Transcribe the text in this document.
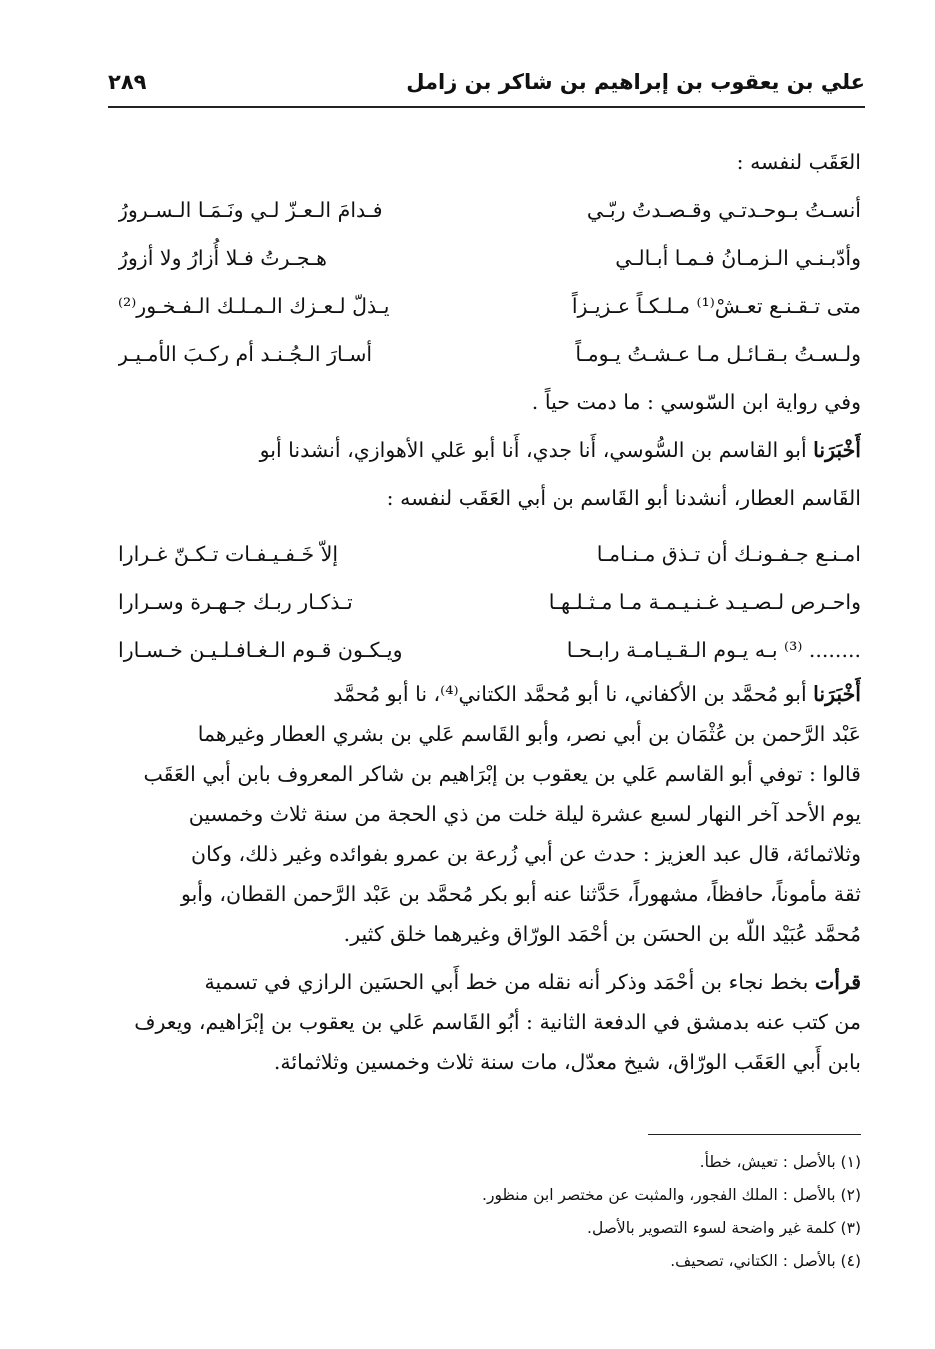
علي بن يعقوب بن إبراهيم بن شاكر بن زامل
٢٨٩
العَقَب لنفسه :
أنسـتُ بـوحـدتـي وقـصـدتُ ربّـي
فـدامَ الـعـزّ لـي ونَـمَـا الـسـرورُ
وأدّبـنـي الـزمـانُ فـمـا أبـالـي
هـجـرتُ فـلا أُزارُ ولا أزورُ
متى تـقـنـع تعـشْ⁽¹⁾ مـلـكـاً عـزيـزاً
يـذلّ لـعـزك الـمـلـك الـفـخـور⁽²⁾
ولـسـتُ بـقـائـل مـا عـشـتُ يـومـاً
أسـارَ الـجُـنـد أم ركـبَ الأمـيـر
وفي رواية ابن السّوسي : ما دمت حياً .
أَخْبَرَنا أبو القاسم بن السُّوسي، أَنا جدي، أَنا أبو عَلي الأهوازي، أنشدنا أبو
القَاسم العطار، أنشدنا أبو القَاسم بن أبي العَقَب لنفسه :
امـنـع جـفـونـك أن تـذق مـنـامـا
إلاّ خَـفـيـفـات تـكـنّ غـرارا
واحـرص لـصـيـد غـنـيـمـة مـا مـثـلـهـا
تـذكـار ربـك جـهـرة وسـرارا
........ ⁽³⁾ بـه يـوم الـقـيـامـة رابـحـا
ويـكـون قـوم الـغـافـلـيـن خـسـارا
أَخْبَرَنا أبو مُحمَّد بن الأكفاني، نا أبو مُحمَّد الكتاني⁽⁴⁾، نا أبو مُحمَّد
عَبْد الرَّحمن بن عُثْمَان بن أبي نصر، وأبو القَاسم عَلي بن بشري العطار وغيرهما
قالوا : توفي أبو القاسم عَلي بن يعقوب بن إبْرَاهيم بن شاكر المعروف بابن أبي العَقَب
يوم الأحد آخر النهار لسبع عشرة ليلة خلت من ذي الحجة من سنة ثلاث وخمسين
وثلاثمائة، قال عبد العزيز : حدث عن أبي زُرعة بن عمرو بفوائده وغير ذلك، وكان
ثقة مأموناً، حافظاً، مشهوراً، حَدَّثنا عنه أبو بكر مُحمَّد بن عَبْد الرَّحمن القطان، وأبو
مُحمَّد عُبَيْد اللّه بن الحسَن بن أحْمَد الورّاق وغيرهما خلق كثير.
قرأت بخط نجاء بن أحْمَد وذكر أنه نقله من خط أَبي الحسَين الرازي في تسمية
من كتب عنه بدمشق في الدفعة الثانية : أبُو القَاسم عَلي بن يعقوب بن إبْرَاهيم، ويعرف
بابن أَبي العَقَب الورّاق، شيخ معدّل، مات سنة ثلاث وخمسين وثلاثمائة.
(١) بالأصل : تعيش، خطأ.
(٢) بالأصل : الملك الفجور، والمثبت عن مختصر ابن منظور.
(٣) كلمة غير واضحة لسوء التصوير بالأصل.
(٤) بالأصل : الكتاني، تصحيف.
